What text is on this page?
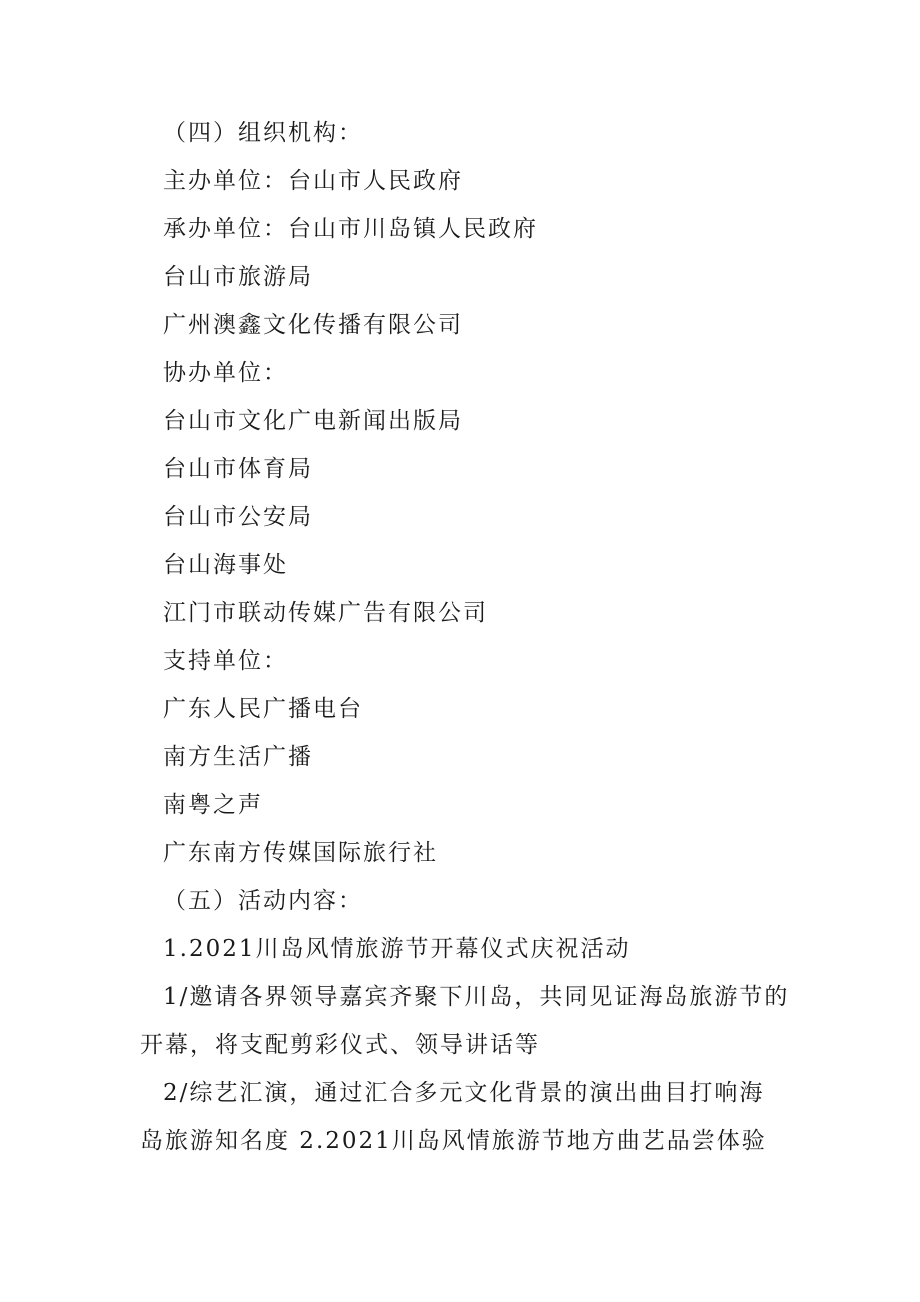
（四）组织机构：
主办单位：台山市人民政府
承办单位：台山市川岛镇人民政府
台山市旅游局
广州澳鑫文化传播有限公司
协办单位：
台山市文化广电新闻出版局
台山市体育局
台山市公安局
台山海事处
江门市联动传媒广告有限公司
支持单位：
广东人民广播电台
南方生活广播
南粤之声
广东南方传媒国际旅行社
（五）活动内容：
1.2021川岛风情旅游节开幕仪式庆祝活动
1/邀请各界领导嘉宾齐聚下川岛，共同见证海岛旅游节的
开幕，将支配剪彩仪式、领导讲话等
2/综艺汇演，通过汇合多元文化背景的演出曲目打响海
岛旅游知名度 2.2021川岛风情旅游节地方曲艺品尝体验
